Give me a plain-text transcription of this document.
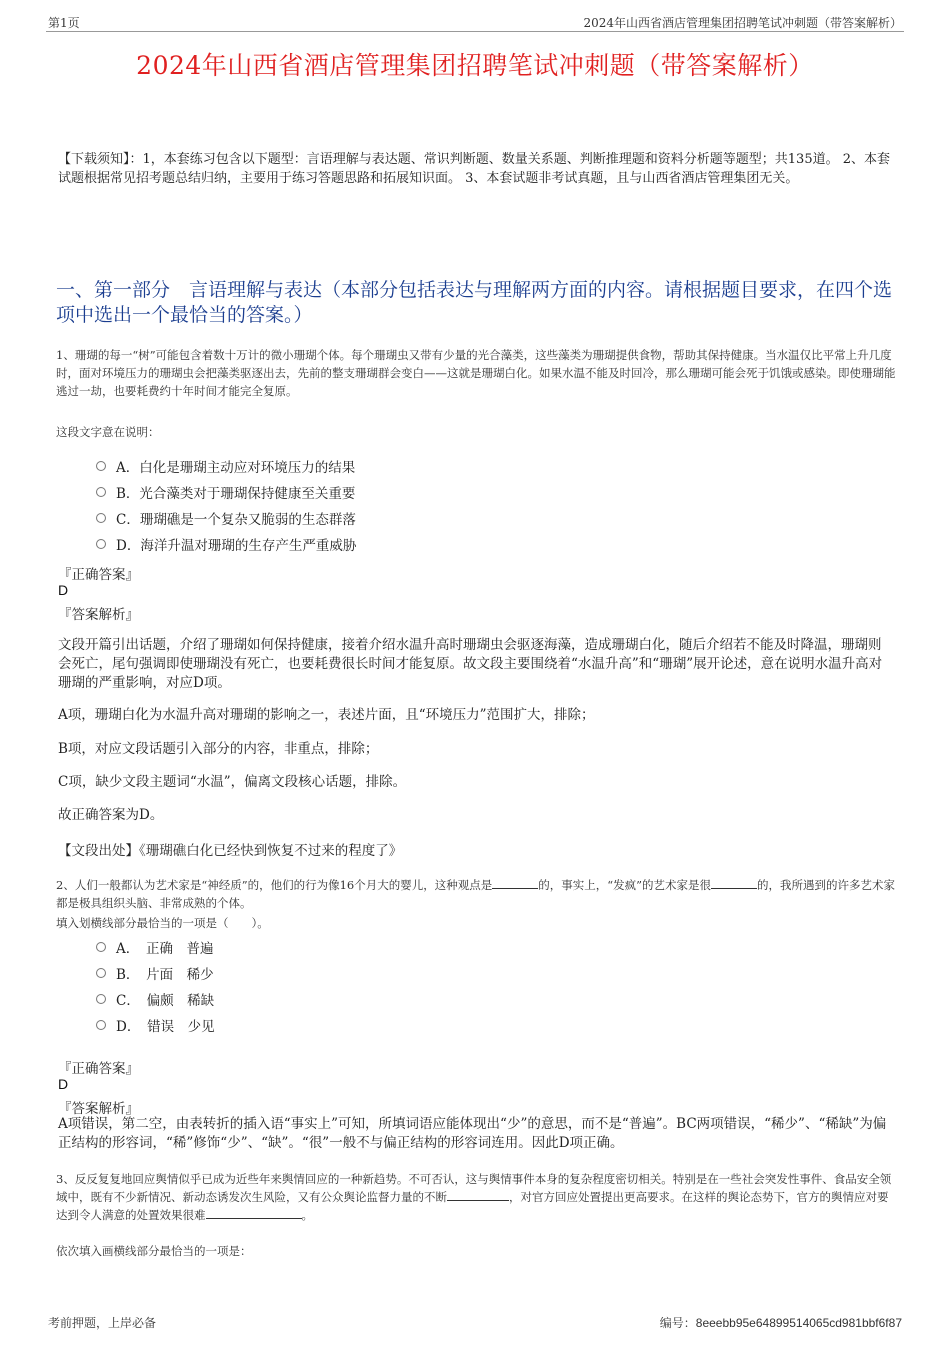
第1页	2024年山西省酒店管理集团招聘笔试冲刺题（带答案解析）
2024年山西省酒店管理集团招聘笔试冲刺题（带答案解析）
【下载须知】：1，本套练习包含以下题型：言语理解与表达题、常识判断题、数量关系题、判断推理题和资料分析题等题型；共135道。 2、本套试题根据常见招考题总结归纳，主要用于练习答题思路和拓展知识面。 3、本套试题非考试真题，且与山西省酒店管理集团无关。
一、第一部分　言语理解与表达（本部分包括表达与理解两方面的内容。请根据题目要求，在四个选项中选出一个最恰当的答案。）
1、珊瑚的每一“树”可能包含着数十万计的微小珊瑚个体。每个珊瑚虫又带有少量的光合藻类，这些藻类为珊瑚提供食物，帮助其保持健康。当水温仅比平常上升几度时，面对环境压力的珊瑚虫会把藻类驱逐出去，先前的整支珊瑚群会变白——这就是珊瑚白化。如果水温不能及时回冷，那么珊瑚可能会死于饥饿或感染。即使珊瑚能逃过一劫，也要耗费约十年时间才能完全复原。
这段文字意在说明：
A．白化是珊瑚主动应对环境压力的结果
B．光合藻类对于珊瑚保持健康至关重要
C．珊瑚礁是一个复杂又脆弱的生态群落
D．海洋升温对珊瑚的生存产生严重威胁
『正确答案』
D
『答案解析』
文段开篇引出话题，介绍了珊瑚如何保持健康，接着介绍水温升高时珊瑚虫会驱逐海藻，造成珊瑚白化，随后介绍若不能及时降温，珊瑚则会死亡，尾句强调即使珊瑚没有死亡，也要耗费很长时间才能复原。故文段主要围绕着“水温升高”和“珊瑚”展开论述，意在说明水温升高对珊瑚的严重影响，对应D项。
A项，珊瑚白化为水温升高对珊瑚的影响之一，表述片面，且“环境压力”范围扩大，排除；
B项，对应文段话题引入部分的内容，非重点，排除；
C项，缺少文段主题词“水温”，偏离文段核心话题，排除。
故正确答案为D。
【文段出处】《珊瑚礁白化已经快到恢复不过来的程度了》
2、人们一般都认为艺术家是“神经质”的，他们的行为像16个月大的婴儿，这种观点是	的，事实上，“发疯”的艺术家是很	的，我所遇到的许多艺术家都是极具组织头脑、非常成熟的个体。
填入划横线部分最恰当的一项是（　　）。
A．　正确　普遍
B．　片面　稀少
C．　偏颇　稀缺
D．　错误　少见
『正确答案』
D
『答案解析』
A项错误，第二空，由表转折的插入语“事实上”可知，所填词语应能体现出“少”的意思，而不是“普遍”。BC两项错误，“稀少”、“稀缺”为偏正结构的形容词，“稀”修饰“少”、“缺”。“很”一般不与偏正结构的形容词连用。因此D项正确。
3、反反复复地回应舆情似乎已成为近些年来舆情回应的一种新趋势。不可否认，这与舆情事件本身的复杂程度密切相关。特别是在一些社会突发性事件、食品安全领域中，既有不少新情况、新动态诱发次生风险，又有公众舆论监督力量的不断	，对官方回应处置提出更高要求。在这样的舆论态势下，官方的舆情应对要达到令人满意的处置效果很难	。
依次填入画横线部分最恰当的一项是：
考前押题，上岸必备	编号：8eeebb95e64899514065cd981bbf6f87
